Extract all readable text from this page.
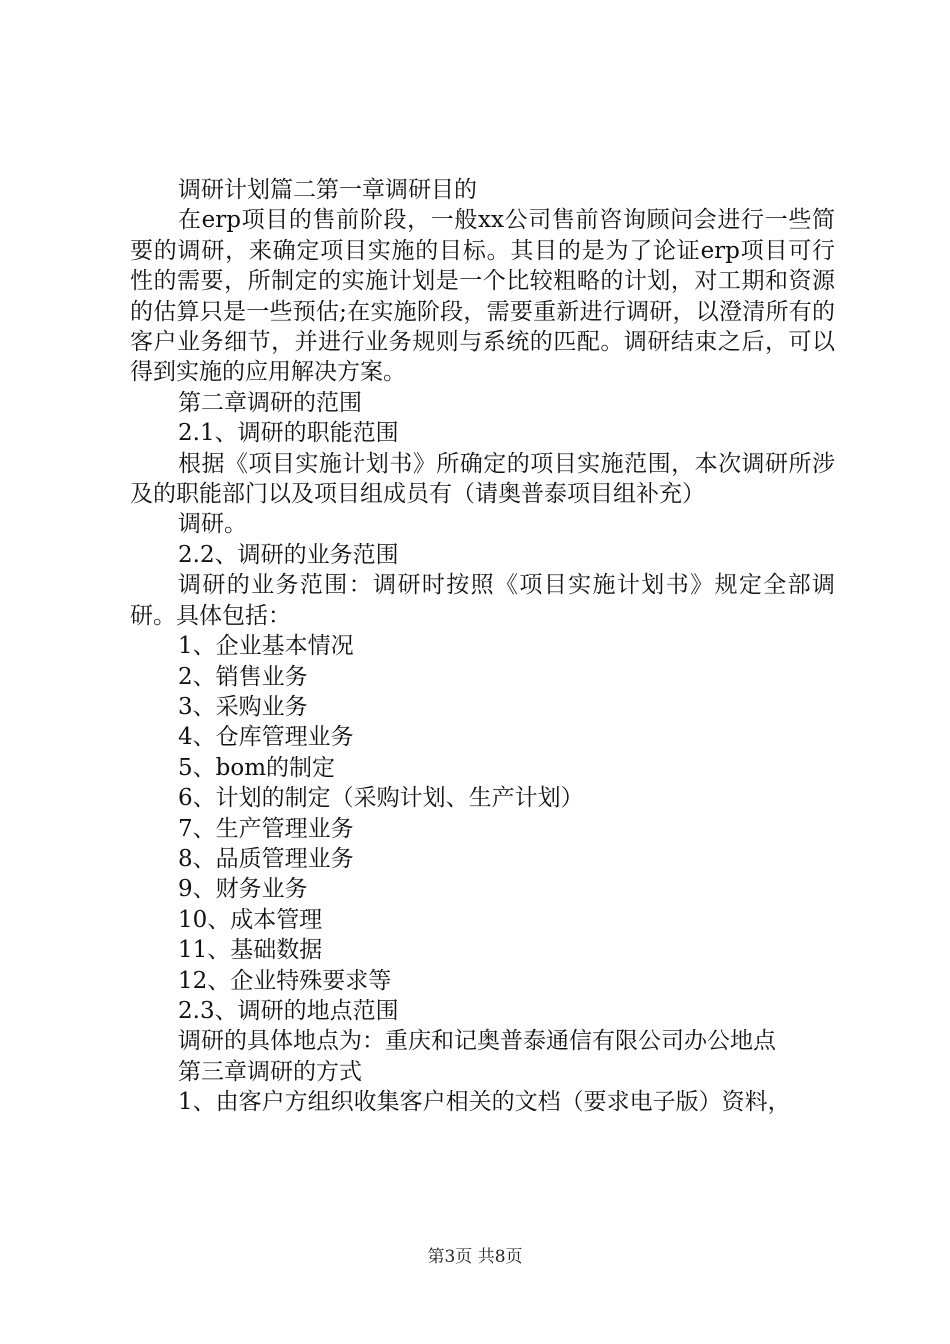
调研计划篇二第一章调研目的

在erp项目的售前阶段，一般xx公司售前咨询顾问会进行一些简要的调研，来确定项目实施的目标。其目的是为了论证erp项目可行性的需要，所制定的实施计划是一个比较粗略的计划，对工期和资源的估算只是一些预估;在实施阶段，需要重新进行调研，以澄清所有的客户业务细节，并进行业务规则与系统的匹配。调研结束之后，可以得到实施的应用解决方案。

第二章调研的范围

2.1、调研的职能范围

根据《项目实施计划书》所确定的项目实施范围，本次调研所涉及的职能部门以及项目组成员有（请奥普泰项目组补充）

调研。

2.2、调研的业务范围

调研的业务范围：调研时按照《项目实施计划书》规定全部调研。具体包括：

1、企业基本情况

2、销售业务

3、采购业务

4、仓库管理业务

5、bom的制定

6、计划的制定（采购计划、生产计划）

7、生产管理业务

8、品质管理业务

9、财务业务

10、成本管理

11、基础数据

12、企业特殊要求等

2.3、调研的地点范围

调研的具体地点为：重庆和记奥普泰通信有限公司办公地点

第三章调研的方式

1、由客户方组织收集客户相关的文档（要求电子版）资料，

第3页 共8页
